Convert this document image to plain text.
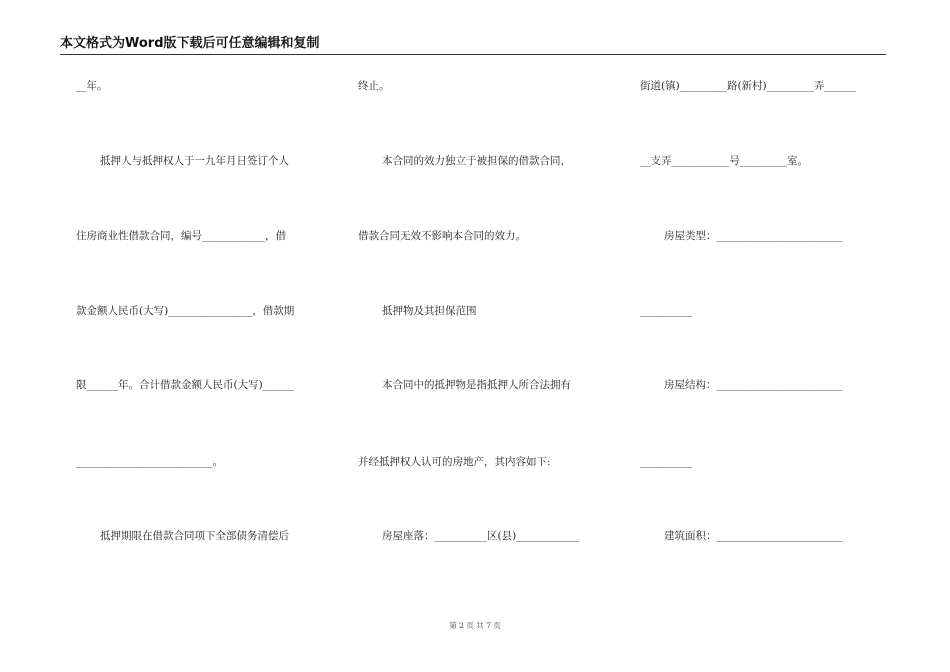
本文格式为Word版下载后可任意编辑和复制
__年。
抵押人与抵押权人于一九年月日签订个人
住房商业性借款合同，编号____________，借
款金额人民币(大写)________________，借款期
限______年。合计借款金额人民币(大写)______
__________________________。
抵押期限在借款合同项下全部债务清偿后
终止。
本合同的效力独立于被担保的借款合同，
借款合同无效不影响本合同的效力。
抵押物及其担保范围
本合同中的抵押物是指抵押人所合法拥有
并经抵押权人认可的房地产，其内容如下:
房屋座落：__________区(县)____________
街道(镇)_________路(新村)_________弄______
__支弄___________号_________室。
房屋类型：________________________
__________
房屋结构：________________________
__________
建筑面积：________________________
第 2 页 共 7 页
